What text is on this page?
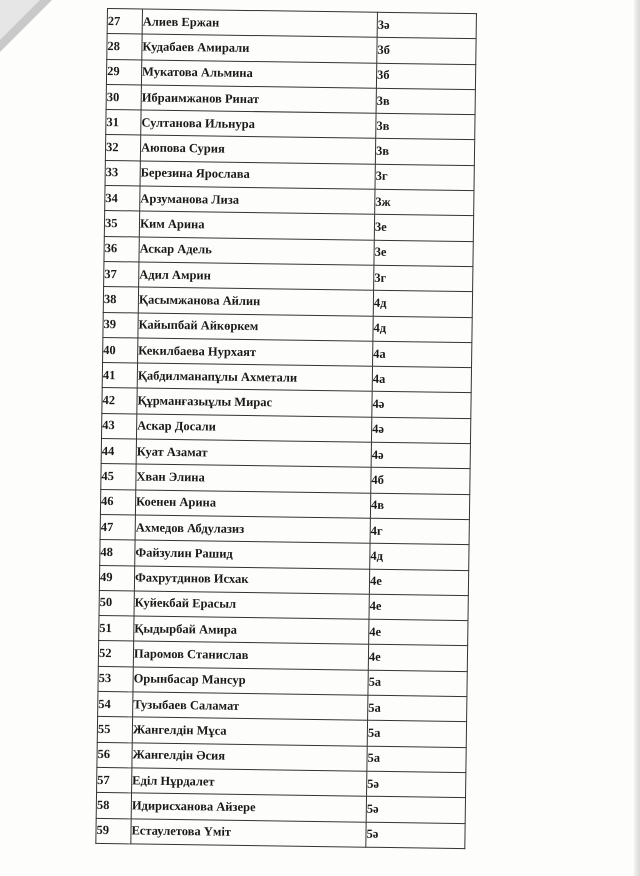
27	Алиев Ержан	3ә
28	Кудабаев Амирали	3б
29	Мукатова Альмина	3б
30	Ибраимжанов Ринат	3в
31	Султанова Ильнура	3в
32	Аюпова Сурия	3в
33	Березина Ярослава	3г
34	Арзуманова Лиза	3ж
35	Ким Арина	3е
36	Аскар Адель	3е
37	Адил Амрин	3г
38	Қасымжанова Айлин	4д
39	Кайыпбай Айкөркем	4д
40	Кекилбаева Нурхаят	4а
41	Қабдилманапұлы Ахметали	4а
42	Құрманғазыұлы Мирас	4ә
43	Аскар Досали	4ә
44	Куат Азамат	4ә
45	Хван Элина	4б
46	Коенен Арина	4в
47	Ахмедов Абдулазиз	4г
48	Файзулин Рашид	4д
49	Фахрутдинов Исхак	4е
50	Куйекбай Ерасыл	4е
51	Қыдырбай Амира	4е
52	Паромов Станислав	4е
53	Орынбасар Мансур	5а
54	Тузыбаев Саламат	5а
55	Жангелдін Мұса	5а
56	Жангелдін Әсия	5а
57	Еділ Нұрдалет	5ә
58	Идирисханова Айзере	5ә
59	Естаулетова Үміт	5ә
